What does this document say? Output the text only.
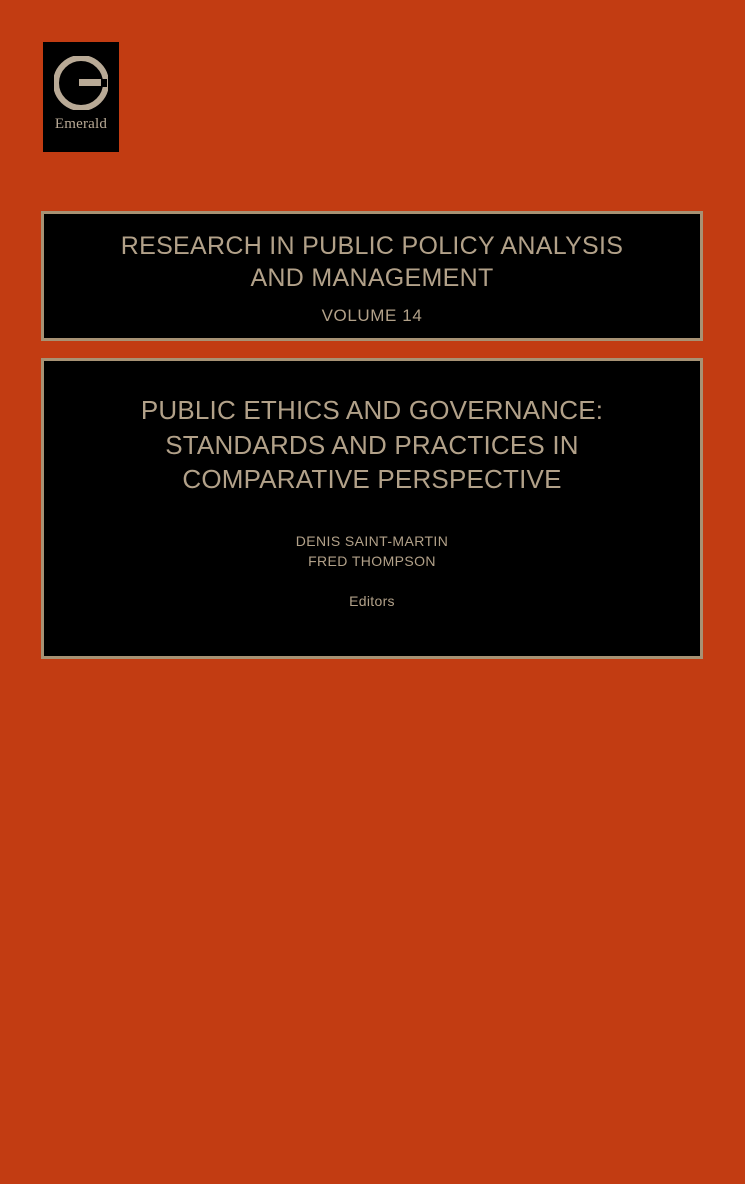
Emerald
RESEARCH IN PUBLIC POLICY ANALYSIS
AND MANAGEMENT
VOLUME 14
PUBLIC ETHICS AND GOVERNANCE:
STANDARDS AND PRACTICES IN
COMPARATIVE PERSPECTIVE
DENIS SAINT-MARTIN
FRED THOMPSON
Editors
